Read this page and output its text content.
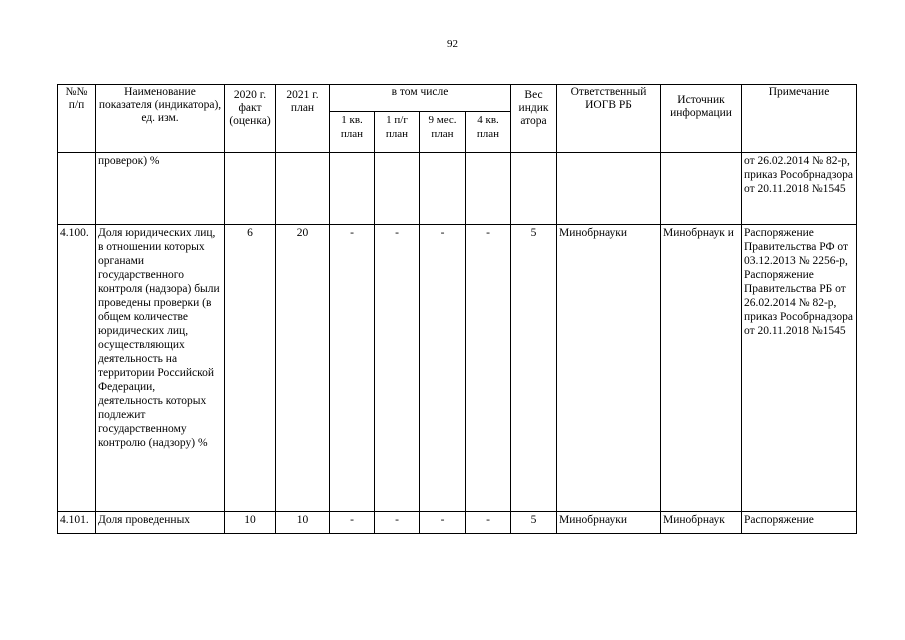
92
№№ п/п	Наименование показателя (индикатора), ед. изм.	2020 г. факт (оценка)	2021 г. план	в том числе				Вес индик атора	Ответственный ИОГВ РБ	Источник информации	Примечание
				1 кв. план	1 п/г план	9 мес. план	4 кв. план				
	проверок) %										от 26.02.2014 № 82-р, приказ Рособрнадзора от 20.11.2018 №1545
4.100.	Доля юридических лиц, в отношении которых органами государственного контроля (надзора) были проведены проверки (в общем количестве юридических лиц, осуществляющих деятельность на территории Российской Федерации, деятельность которых подлежит государственному контролю (надзору) %	6	20	-	-	-	-	5	Минобрнауки	Минобрнаук и	Распоряжение Правительства РФ от 03.12.2013 № 2256-р, Распоряжение Правительства РБ от 26.02.2014 № 82-р, приказ Рособрнадзора от 20.11.2018 №1545
4.101.	Доля проведенных	10	10	-	-	-	-	5	Минобрнауки	Минобрнаук	Распоряжение
